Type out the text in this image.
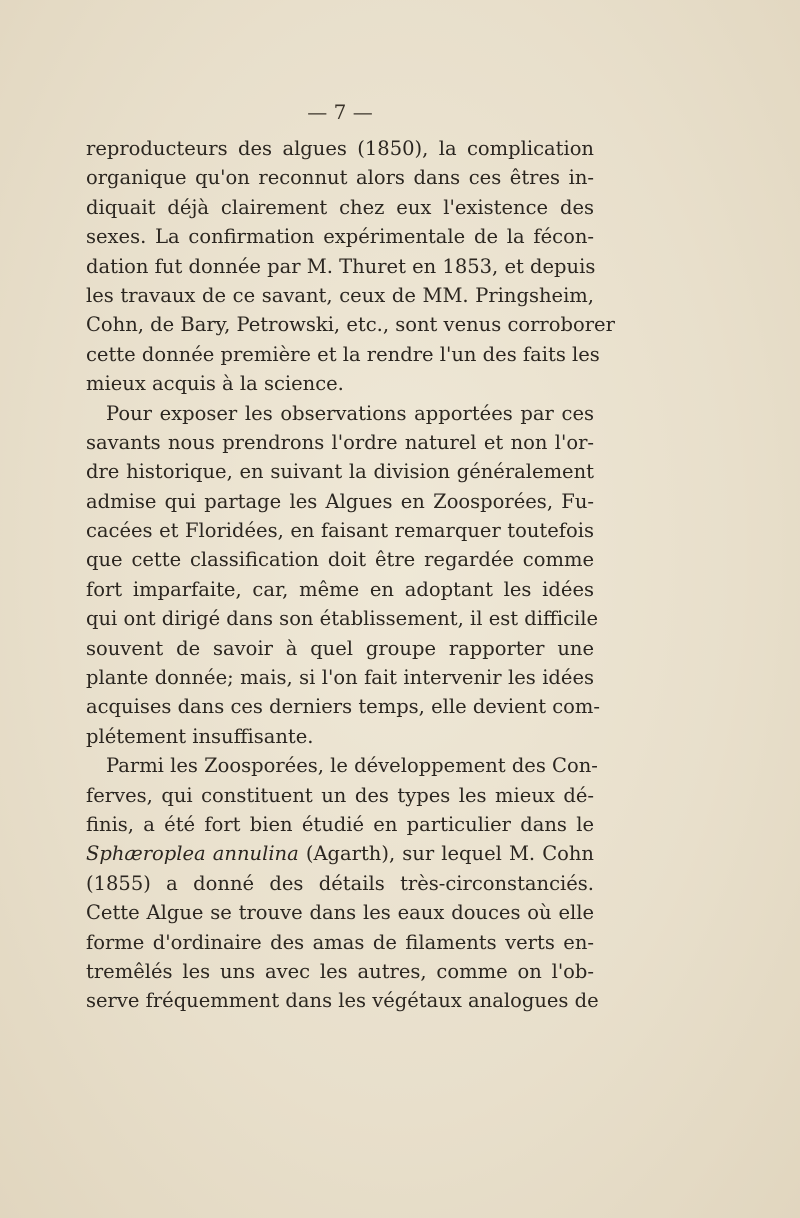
— 7 —
reproducteurs des algues (1850), la complication
organique qu'on reconnut alors dans ces êtres in-
diquait déjà clairement chez eux l'existence des
sexes. La confirmation expérimentale de la fécon-
dation fut donnée par M. Thuret en 1853, et depuis
les travaux de ce savant, ceux de MM. Pringsheim,
Cohn, de Bary, Petrowski, etc., sont venus corroborer
cette donnée première et la rendre l'un des faits les
mieux acquis à la science.
Pour exposer les observations apportées par ces
savants nous prendrons l'ordre naturel et non l'or-
dre historique, en suivant la division généralement
admise qui partage les Algues en Zoosporées, Fu-
cacées et Floridées, en faisant remarquer toutefois
que cette classification doit être regardée comme
fort imparfaite, car, même en adoptant les idées
qui ont dirigé dans son établissement, il est difficile
souvent de savoir à quel groupe rapporter une
plante donnée; mais, si l'on fait intervenir les idées
acquises dans ces derniers temps, elle devient com-
plétement insuffisante.
Parmi les Zoosporées, le développement des Con-
ferves, qui constituent un des types les mieux dé-
finis, a été fort bien étudié en particulier dans le
Sphæroplea annulina (Agarth), sur lequel M. Cohn
(1855) a donné des détails très-circonstanciés.
Cette Algue se trouve dans les eaux douces où elle
forme d'ordinaire des amas de filaments verts en-
tremêlés les uns avec les autres, comme on l'ob-
serve fréquemment dans les végétaux analogues de
